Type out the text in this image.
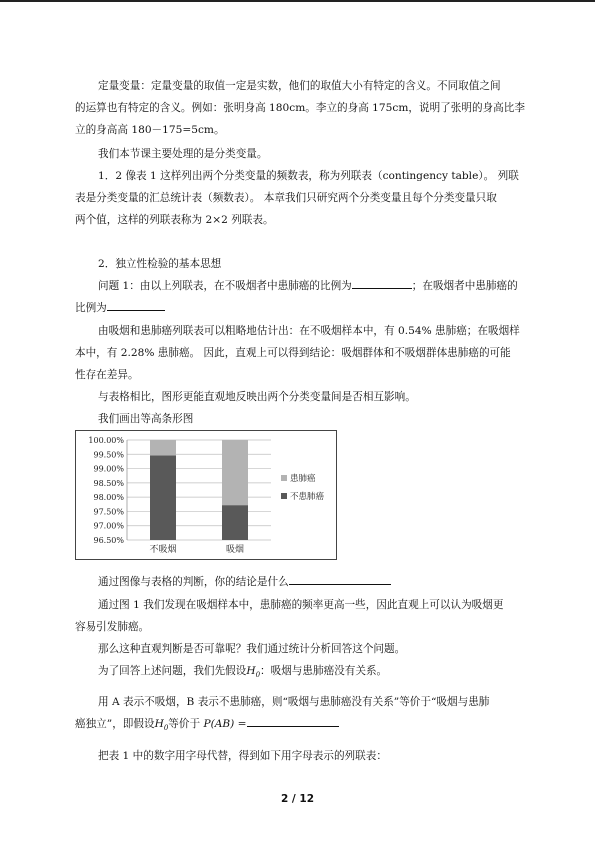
定量变量：定量变量的取值一定是实数，他们的取值大小有特定的含义。不同取值之间
的运算也有特定的含义。例如：张明身高 180cm。李立的身高 175cm，说明了张明的身高比李
立的身高高 180－175=5cm。
我们本节课主要处理的是分类变量。
1．2 像表 1 这样列出两个分类变量的频数表，称为列联表（contingency table）。 列联
表是分类变量的汇总统计表（频数表）。 本章我们只研究两个分类变量且每个分类变量只取
两个值，这样的列联表称为 2×2 列联表。
2．独立性检验的基本思想
问题 1：由以上列联表，在不吸烟者中患肺癌的比例为	；在吸烟者中患肺癌的
比例为
由吸烟和患肺癌列联表可以粗略地估计出：在不吸烟样本中，有 0.54% 患肺癌；在吸烟样
本中，有 2.28% 患肺癌。 因此，直观上可以得到结论：吸烟群体和不吸烟群体患肺癌的可能
性存在差异。
与表格相比，图形更能直观地反映出两个分类变量间是否相互影响。
我们画出等高条形图
100.00%
99.50%
99.00%
98.50%
98.00%
97.50%
97.00%
96.50%
不吸烟	吸烟
患肺癌
不患肺癌
通过图像与表格的判断，你的结论是什么
通过图 1 我们发现在吸烟样本中，患肺癌的频率更高一些，因此直观上可以认为吸烟更
容易引发肺癌。
那么这种直观判断是否可靠呢？我们通过统计分析回答这个问题。
为了回答上述问题，我们先假设$H_0$：吸烟与患肺癌没有关系。
用 A 表示不吸烟，B 表示不患肺癌，则“吸烟与患肺癌没有关系”等价于“吸烟与患肺
癌独立”，即假设$H_0$等价于 P(AB) =
把表 1 中的数字用字母代替，得到如下用字母表示的列联表：
2 / 12
